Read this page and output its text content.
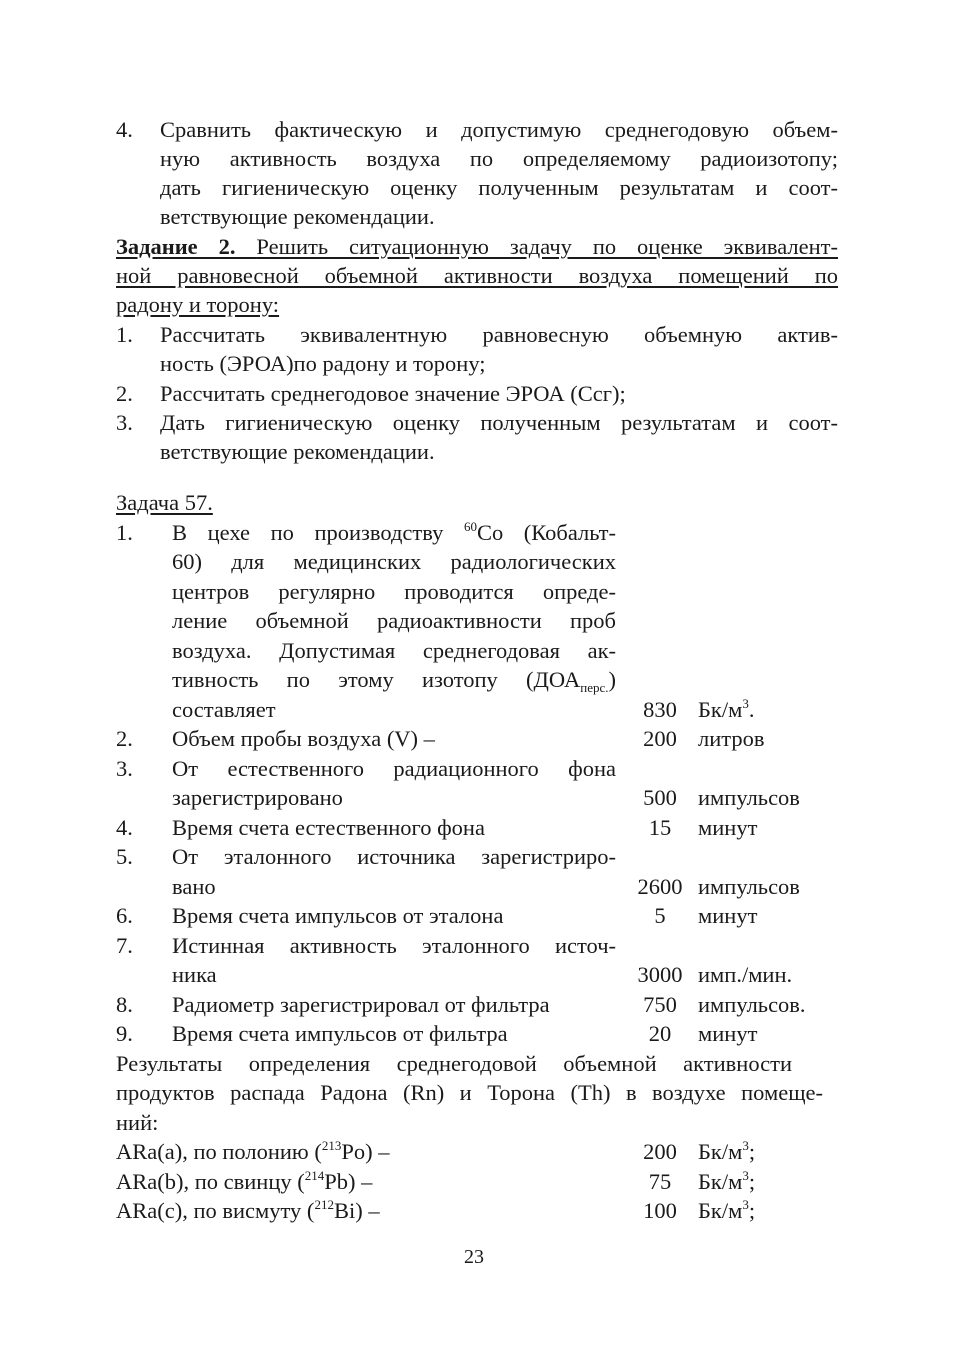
4. Сравнить фактическую и допустимую среднегодовую объем-
ную активность воздуха по определяемому радиоизотопу;
дать гигиеническую оценку полученным результатам и соот-
ветствующие рекомендации.
Задание 2. Решить ситуационную задачу по оценке эквивалент-
ной равновесной объемной активности воздуха помещений по
радону и торону:
1. Рассчитать эквивалентную равновесную объемную актив-
ность (ЭРОА)по радону и торону;
2. Рассчитать среднегодовое значение ЭРОА (Сcг);
3. Дать гигиеническую оценку полученным результатам и соот-
ветствующие рекомендации.
Задача 57.
1. В цехе по производству $^{60}$Co (Кобальт-
60) для медицинских радиологических
центров регулярно проводится опреде-
ление объемной радиоактивности проб
воздуха. Допустимая среднегодовая ак-
тивность по этому изотопу $(ДОА_{перс.})$
составляет	830 $Бк/м^3$.
2. Объем пробы воздуха (V) –	200 литров
3. От естественного радиационного фона
зарегистрировано	500 импульсов
4. Время счета естественного фона	15	минут
5. От эталонного источника зарегистриро-
вано	2600 импульсов
6. Время счета импульсов от эталона	5	минут
7. Истинная активность эталонного источ-
ника	3000 имп./мин.
8. Радиометр зарегистрировал от фильтра	750 импульсов.
9. Время счета импульсов от фильтра	20	минут
Результаты определения среднегодовой объемной активности
продуктов распада Радона (Rn) и Торона (Th) в воздухе помеще-
ний:
ARa(a), по полонию ($^{213}$Po) –	200 $Бк/м^3$;
ARa(b), по свинцу ($^{214}$Pb) –	75	$Бк/м^3$;
ARa(c), по висмуту ($^{212}$Bi) –	100 $Бк/м^3$;
23
